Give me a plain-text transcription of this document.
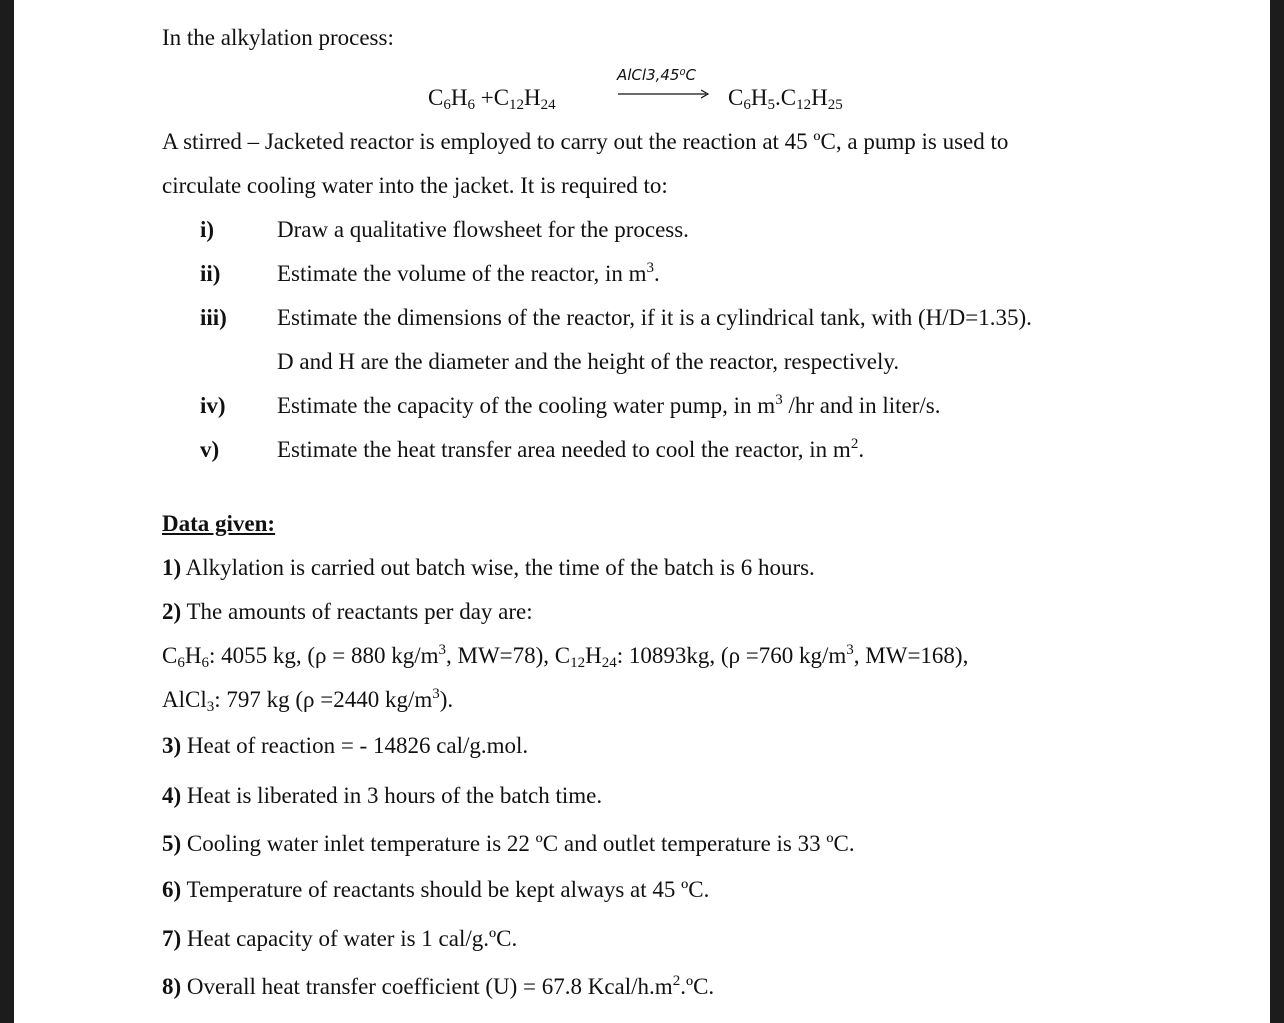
In the alkylation process:
$C_6H_6 +C_{12}H_{24}$
AlCl3,45⁰C
$C_6H_5.C_{12}H_{25}$
A stirred – Jacketed reactor is employed to carry out the reaction at 45 ºC, a pump is used to
circulate cooling water into the jacket. It is required to:
i)	Draw a qualitative flowsheet for the process.
ii) Estimate the volume of the reactor, in $m^3$.
iii) Estimate the dimensions of the reactor, if it is a cylindrical tank, with (H/D=1.35).
D and H are the diameter and the height of the reactor, respectively.
iv) Estimate the capacity of the cooling water pump, in $m^3$ /hr and in liter/s.
v)	Estimate the heat transfer area needed to cool the reactor, in $m^2$.
Data given:
1) Alkylation is carried out batch wise, the time of the batch is 6 hours.
2) The amounts of reactants per day are:
$C_6H_6$: 4055 kg, (ρ = 880 $kg/m^3$, MW=78), $C_{12}H_{24}$: 10893kg, (ρ =760 $kg/m^3$, MW=168),
AlCl$_3$: 797 kg (ρ =2440 $kg/m^3$).
3) Heat of reaction = - 14826 cal/g.mol.
4) Heat is liberated in 3 hours of the batch time.
5) Cooling water inlet temperature is 22 ºC and outlet temperature is 33 ºC.
6) Temperature of reactants should be kept always at 45 ºC.
7) Heat capacity of water is 1 cal/g.ºC.
8) Overall heat transfer coefficient (U) = 67.8 Kcal/$h.m^2.ºC$.
